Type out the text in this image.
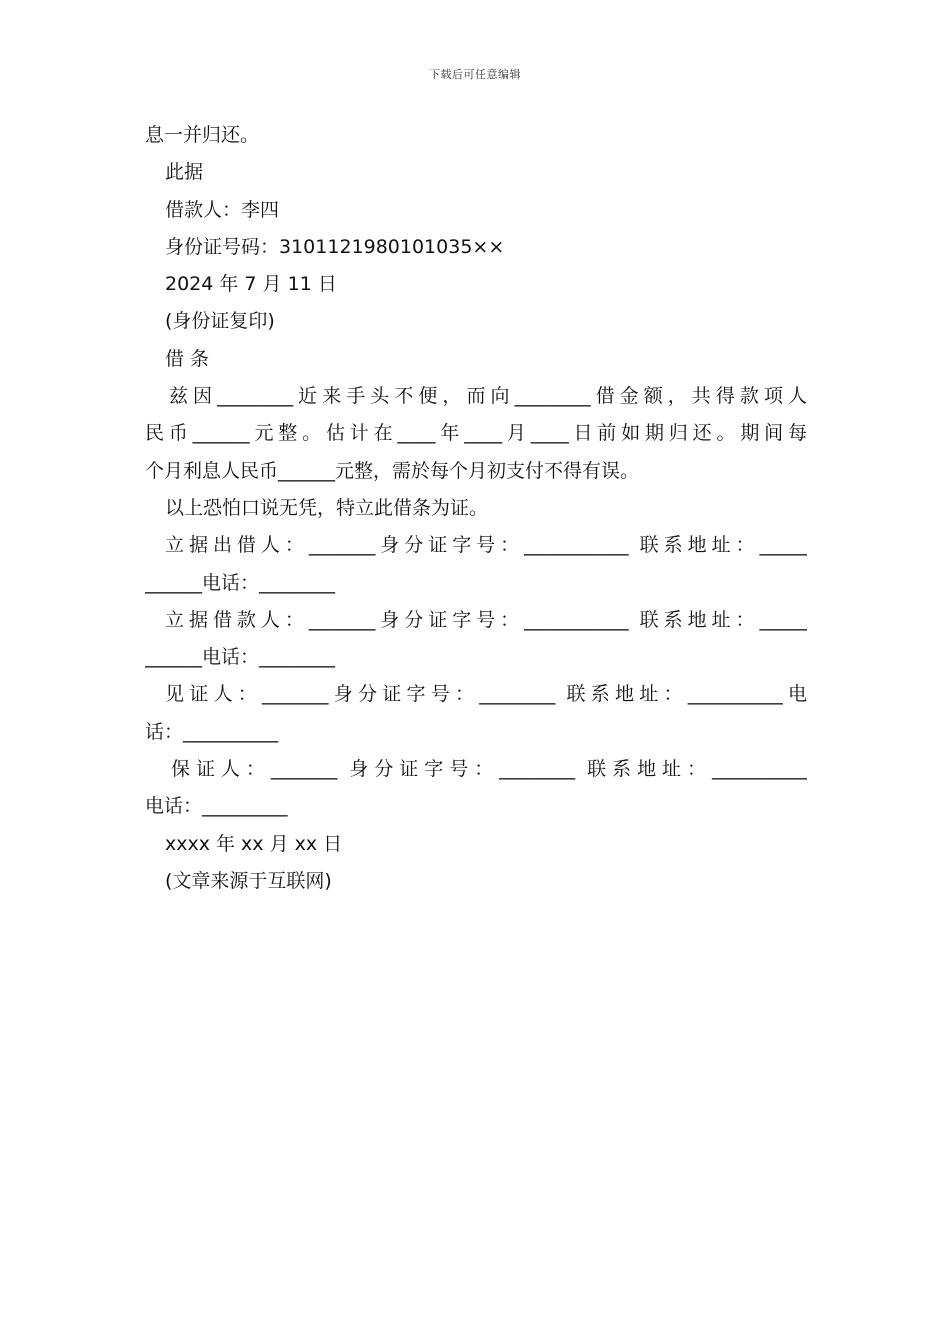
下载后可任意编辑
息一并归还。
此据
借款人：李四
身份证号码：3101121980101035××
2024 年 7 月 11 日
(身份证复印)
借 条
兹因________近来手头不便，而向________借金额，共得款项人
民币______元整。估计在____年____月____日前如期归还。期间每
个月利息人民币______元整，需於每个月初支付不得有误。
以上恐怕口说无凭，特立此借条为证。
立据出借人：_______身分证字号：___________ 联系地址：_____
______电话：________
立据借款人：_______身分证字号：___________ 联系地址：_____
______电话：________
见证人：_______身分证字号：________ 联系地址：__________电
话：__________
保证人：_______ 身分证字号：________ 联系地址：__________
电话：_________
xxxx 年 xx 月 xx 日
(文章来源于互联网)
